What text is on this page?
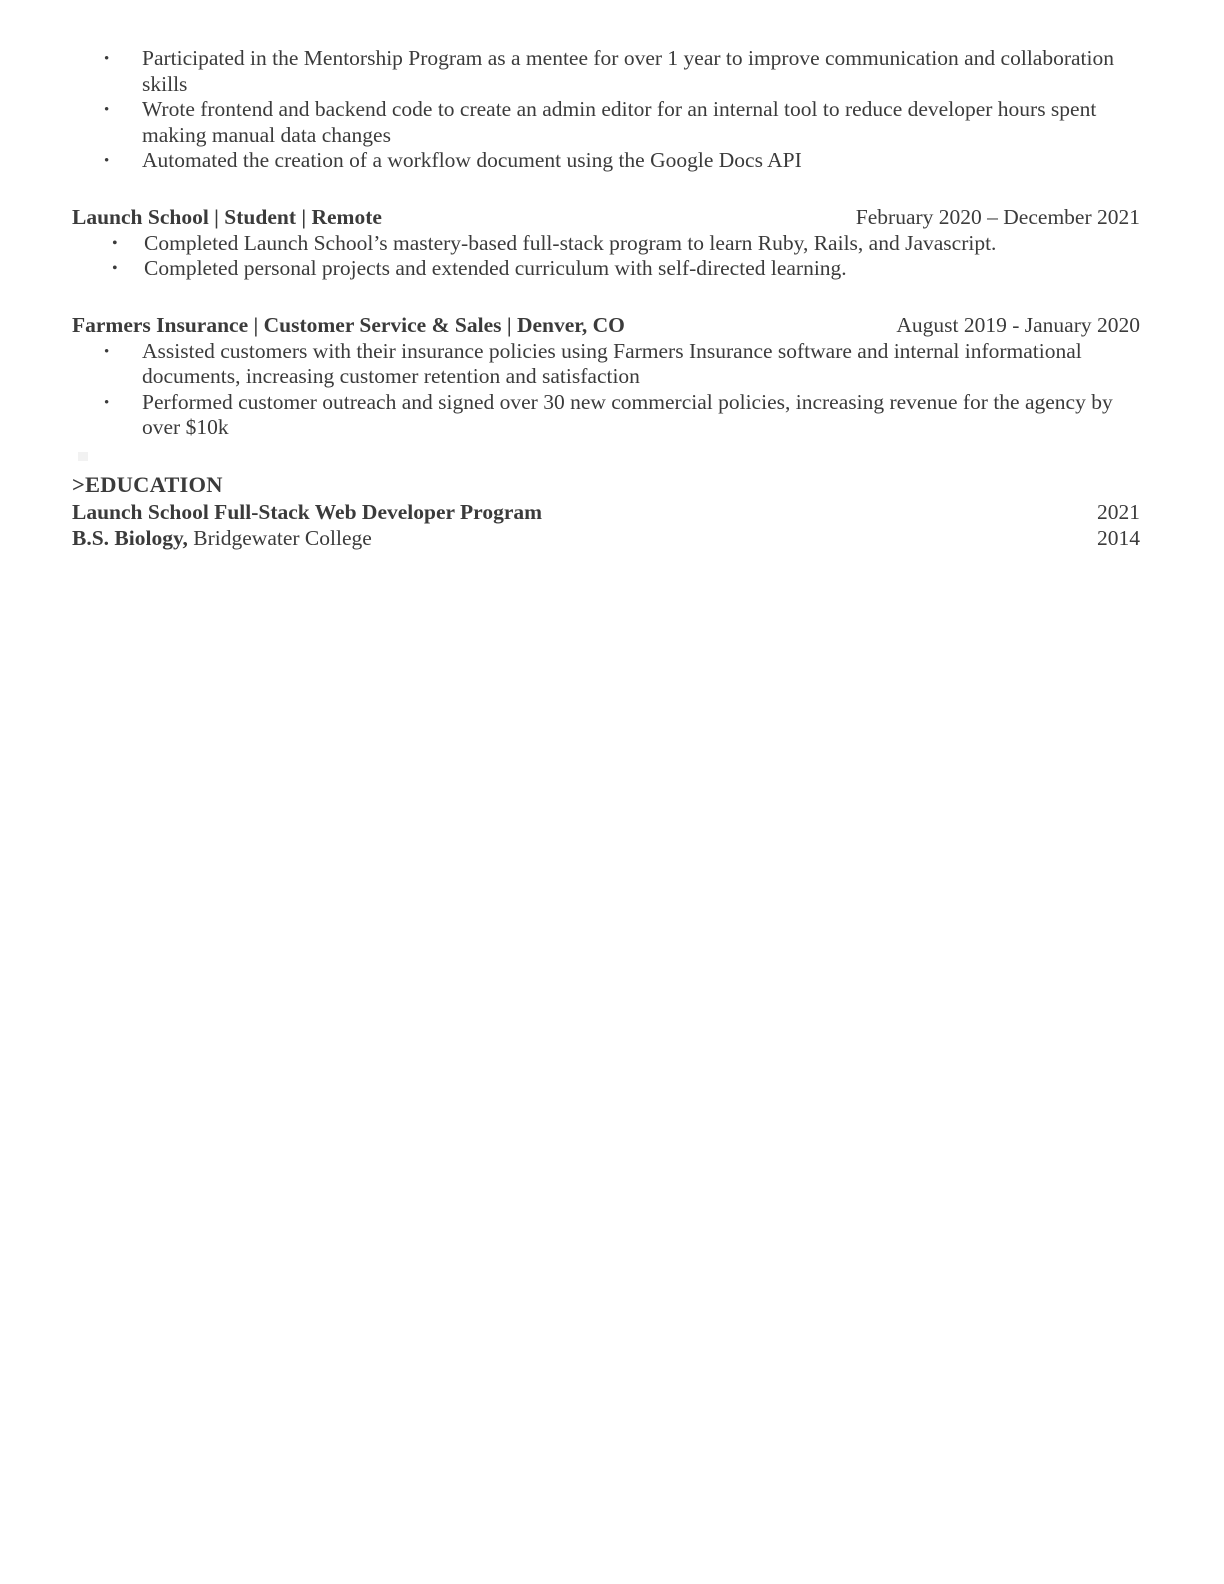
• Participated in the Mentorship Program as a mentee for over 1 year to improve communication and collaboration skills
• Wrote frontend and backend code to create an admin editor for an internal tool to reduce developer hours spent making manual data changes
• Automated the creation of a workflow document using the Google Docs API
Launch School | Student | Remote	February 2020 – December 2021
• Completed Launch School’s mastery-based full-stack program to learn Ruby, Rails, and Javascript.
• Completed personal projects and extended curriculum with self-directed learning.
Farmers Insurance | Customer Service & Sales | Denver, CO	August 2019 - January 2020
• Assisted customers with their insurance policies using Farmers Insurance software and internal informational documents, increasing customer retention and satisfaction
• Performed customer outreach and signed over 30 new commercial policies, increasing revenue for the agency by over $10k
>EDUCATION
Launch School Full-Stack Web Developer Program	2021
B.S. Biology, Bridgewater College	2014
